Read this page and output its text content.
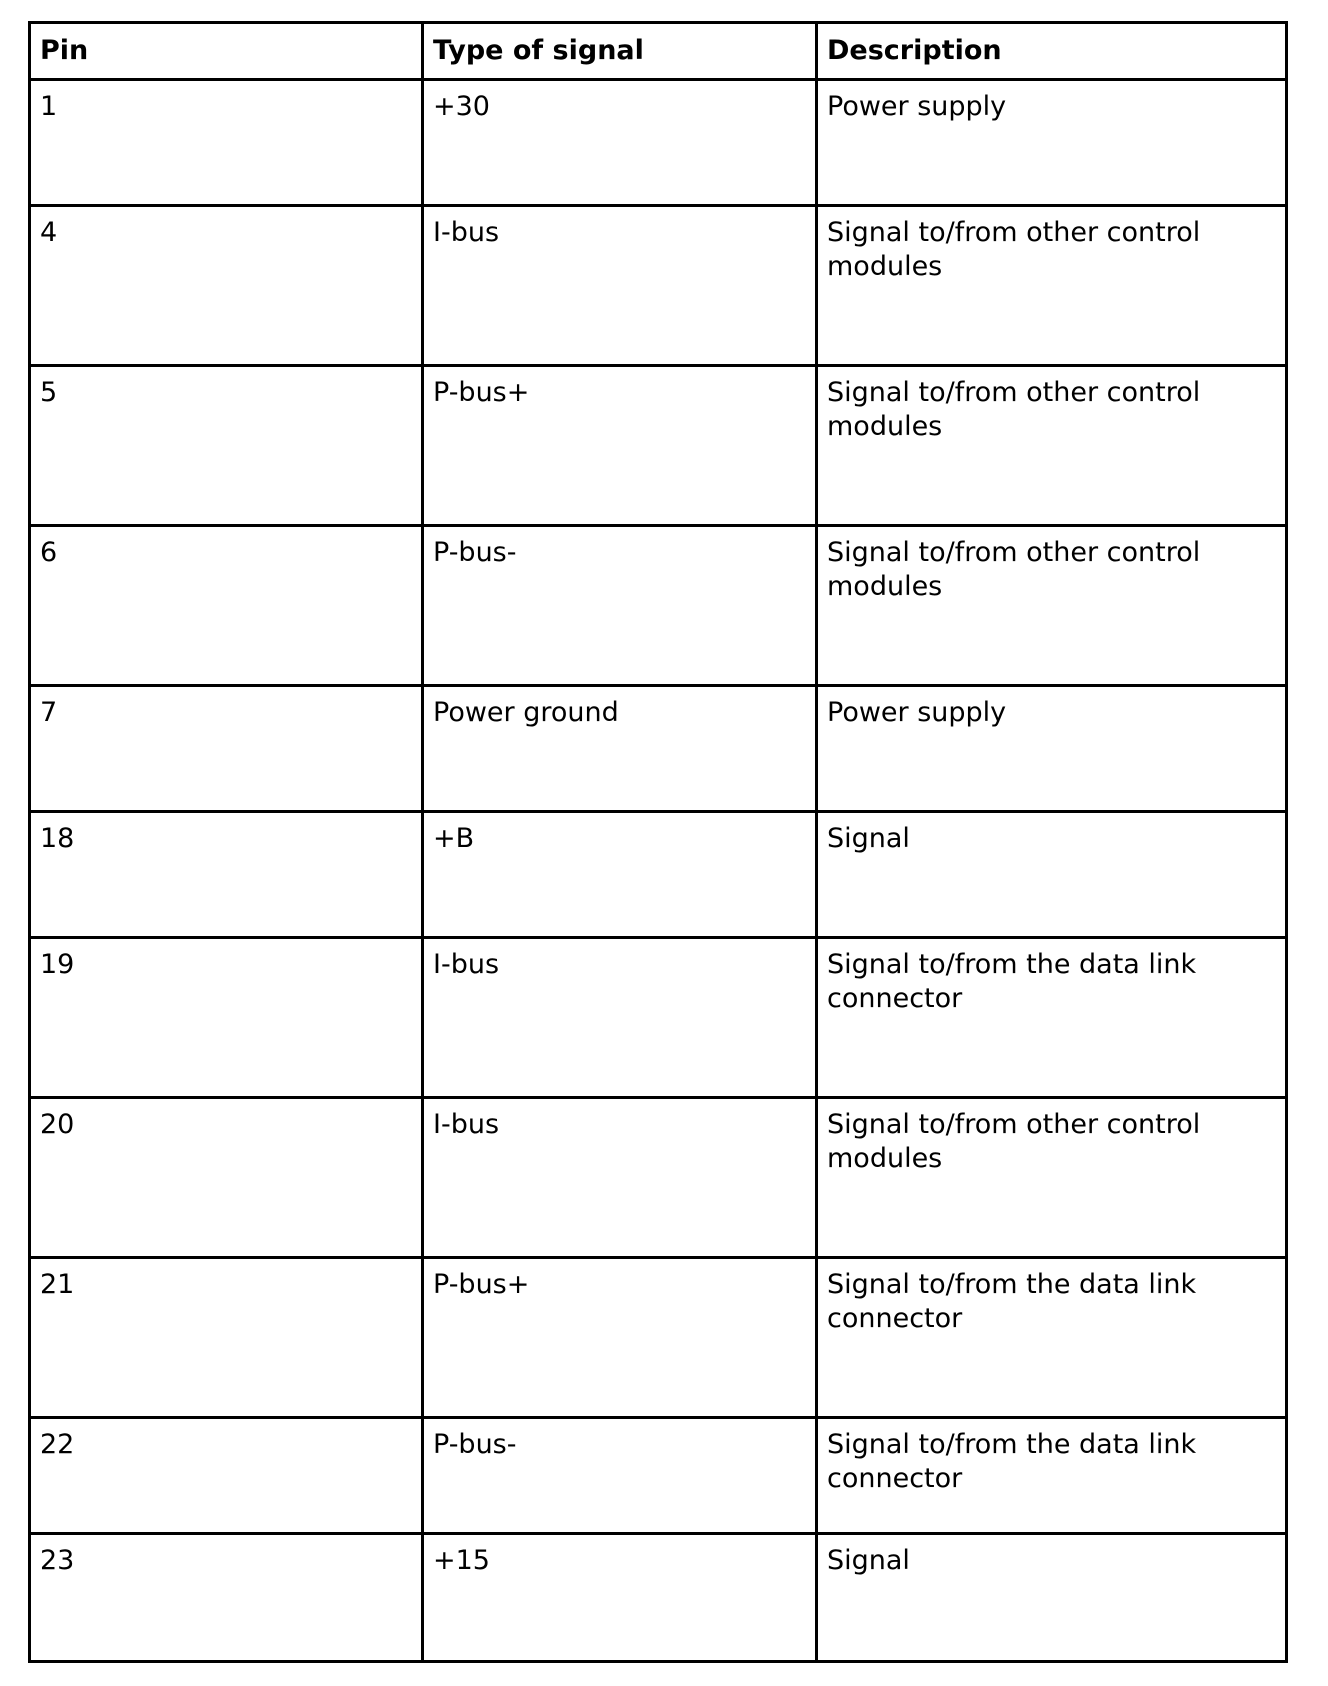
Pin	Type of signal	Description
1	+30	Power supply
4	I-bus	Signal to/from other control modules
5	P-bus+	Signal to/from other control modules
6	P-bus-	Signal to/from other control modules
7	Power ground	Power supply
18	+B	Signal
19	I-bus	Signal to/from the data link connector
20	I-bus	Signal to/from other control modules
21	P-bus+	Signal to/from the data link connector
22	P-bus-	Signal to/from the data link connector
23	+15	Signal
